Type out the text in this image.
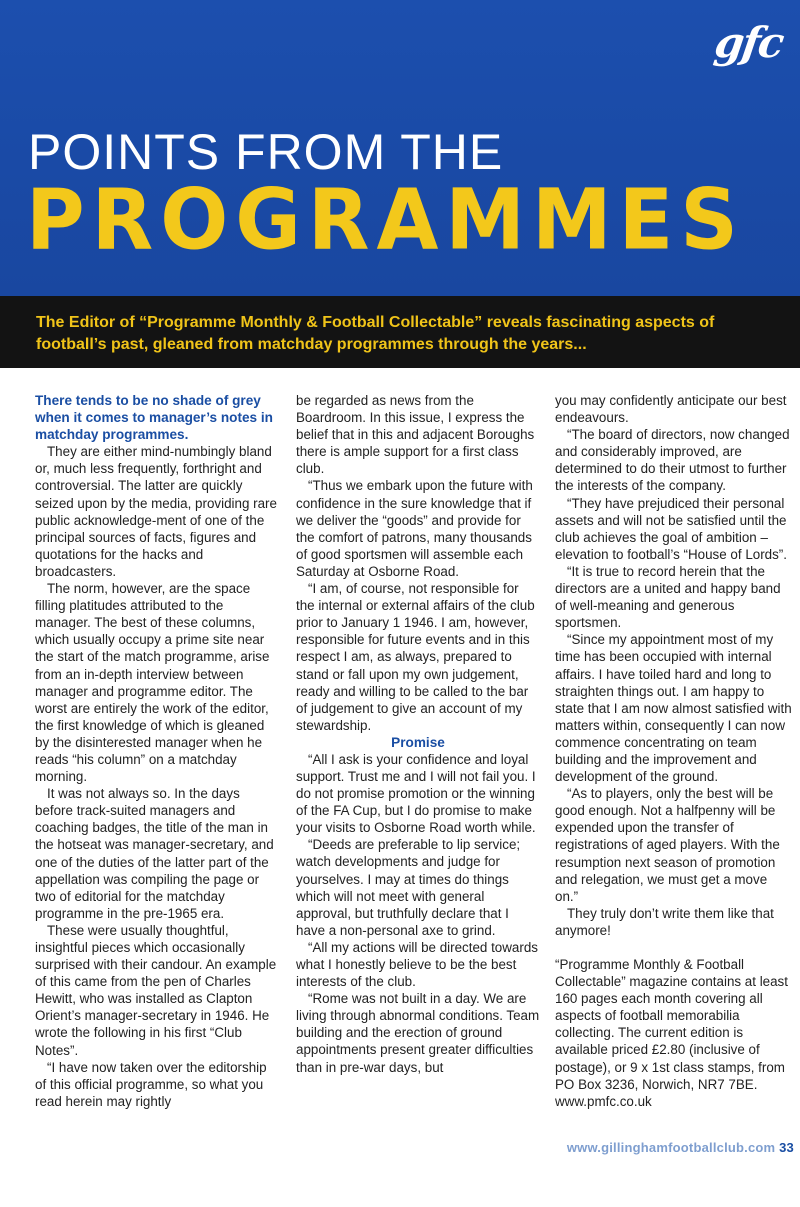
gfc
POINTS FROM THE
PROGRAMMES
The Editor of “Programme Monthly & Football Collectable” reveals fascinating aspects of football’s past, gleaned from matchday programmes through the years...

There tends to be no shade of grey when it comes to manager’s notes in matchday programmes.

They are either mind-numbingly bland or, much less frequently, forthright and controversial. The latter are quickly seized upon by the media, providing rare public acknowledge-ment of one of the principal sources of facts, figures and quotations for the hacks and broadcasters.

The norm, however, are the space filling platitudes attributed to the manager. The best of these columns, which usually occupy a prime site near the start of the match programme, arise from an in-depth interview between manager and programme editor. The worst are entirely the work of the editor, the first knowledge of which is gleaned by the disinterested manager when he reads “his column” on a matchday morning.

It was not always so. In the days before track-suited managers and coaching badges, the title of the man in the hotseat was manager-secretary, and one of the duties of the latter part of the appellation was compiling the page or two of editorial for the matchday programme in the pre-1965 era.

These were usually thoughtful, insightful pieces which occasionally surprised with their candour. An example of this came from the pen of Charles Hewitt, who was installed as Clapton Orient’s manager-secretary in 1946. He wrote the following in his first “Club Notes”.

“I have now taken over the editorship of this official programme, so what you read herein may rightly

be regarded as news from the Boardroom. In this issue, I express the belief that in this and adjacent Boroughs there is ample support for a first class club.

“Thus we embark upon the future with confidence in the sure knowledge that if we deliver the “goods” and provide for the comfort of patrons, many thousands of good sportsmen will assemble each Saturday at Osborne Road.

“I am, of course, not responsible for the internal or external affairs of the club prior to January 1 1946. I am, however, responsible for future events and in this respect I am, as always, prepared to stand or fall upon my own judgement, ready and willing to be called to the bar of judgement to give an account of my stewardship.

Promise

“All I ask is your confidence and loyal support. Trust me and I will not fail you. I do not promise promotion or the winning of the FA Cup, but I do promise to make your visits to Osborne Road worth while.

“Deeds are preferable to lip service; watch developments and judge for yourselves. I may at times do things which will not meet with general approval, but truthfully declare that I have a non-personal axe to grind.

“All my actions will be directed towards what I honestly believe to be the best interests of the club.

“Rome was not built in a day. We are living through abnormal conditions. Team building and the erection of ground appointments present greater difficulties than in pre-war days, but

you may confidently anticipate our best endeavours.

“The board of directors, now changed and considerably improved, are determined to do their utmost to further the interests of the company.

“They have prejudiced their personal assets and will not be satisfied until the club achieves the goal of ambition – elevation to football’s “House of Lords”.

“It is true to record herein that the directors are a united and happy band of well-meaning and generous sportsmen.

“Since my appointment most of my time has been occupied with internal affairs. I have toiled hard and long to straighten things out. I am happy to state that I am now almost satisfied with matters within, consequently I can now commence concentrating on team building and the improvement and development of the ground.

“As to players, only the best will be good enough. Not a halfpenny will be expended upon the transfer of registrations of aged players. With the resumption next season of promotion and relegation, we must get a move on.”

They truly don’t write them like that anymore!

“Programme Monthly & Football Collectable” magazine contains at least 160 pages each month covering all aspects of football memorabilia collecting. The current edition is available priced £2.80 (inclusive of postage), or 9 x 1st class stamps, from PO Box 3236, Norwich, NR7 7BE. www.pmfc.co.uk

www.gillinghamfootballclub.com 33
